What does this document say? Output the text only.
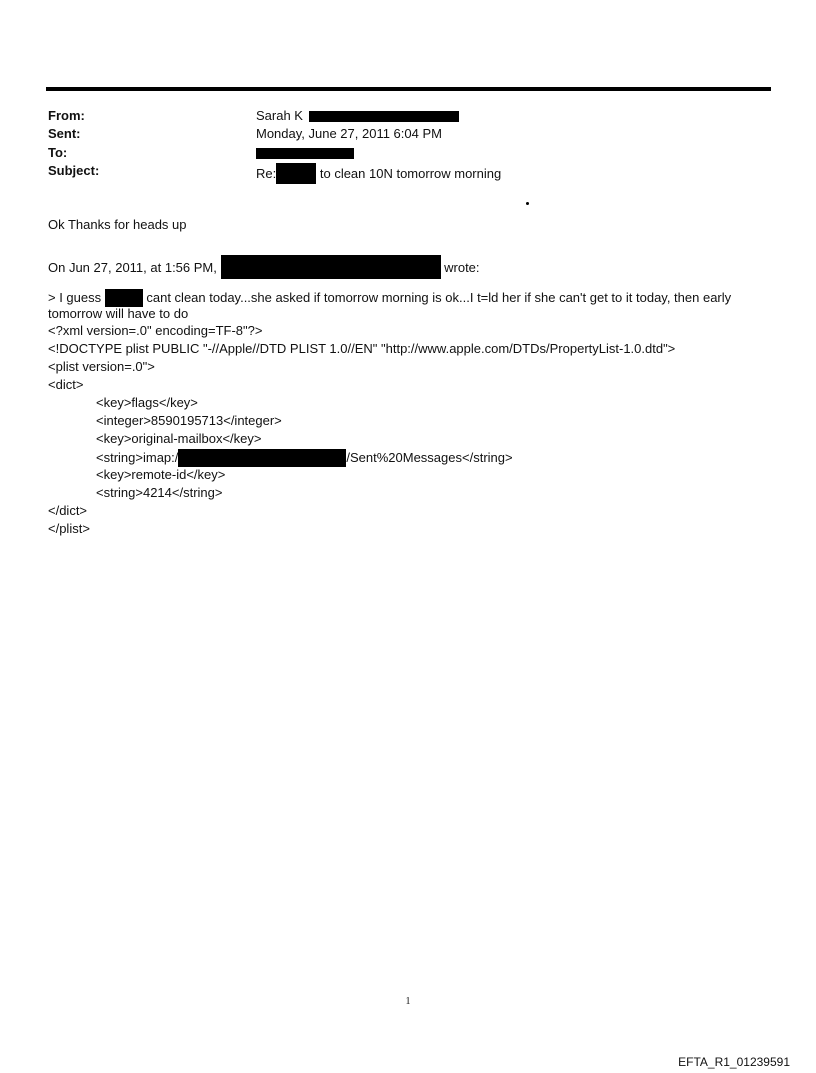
From:	Sarah K
Sent:	Monday, June 27, 2011 6:04 PM
To:
Subject:	Re:	to clean 10N tomorrow morning
Ok Thanks for heads up
On Jun 27, 2011, at 1:56 PM,	wrote:
> I guess	cant clean today...she asked if tomorrow morning is ok...I t=ld her if she can't get to it today, then early
tomorrow will have to do
<?xml version=.0" encoding=TF-8"?>
<!DOCTYPE plist PUBLIC "-//Apple//DTD PLIST 1.0//EN" "http://www.apple.com/DTDs/PropertyList-1.0.dtd">
<plist version=.0">
<dict>
<key>flags</key>
<integer>8590195713</integer>
<key>original-mailbox</key>
<string>imap:/	/Sent%20Messages</string>
<key>remote-id</key>
<string>4214</string>
</dict>
</plist>
1
EFTA_R1_01239591
